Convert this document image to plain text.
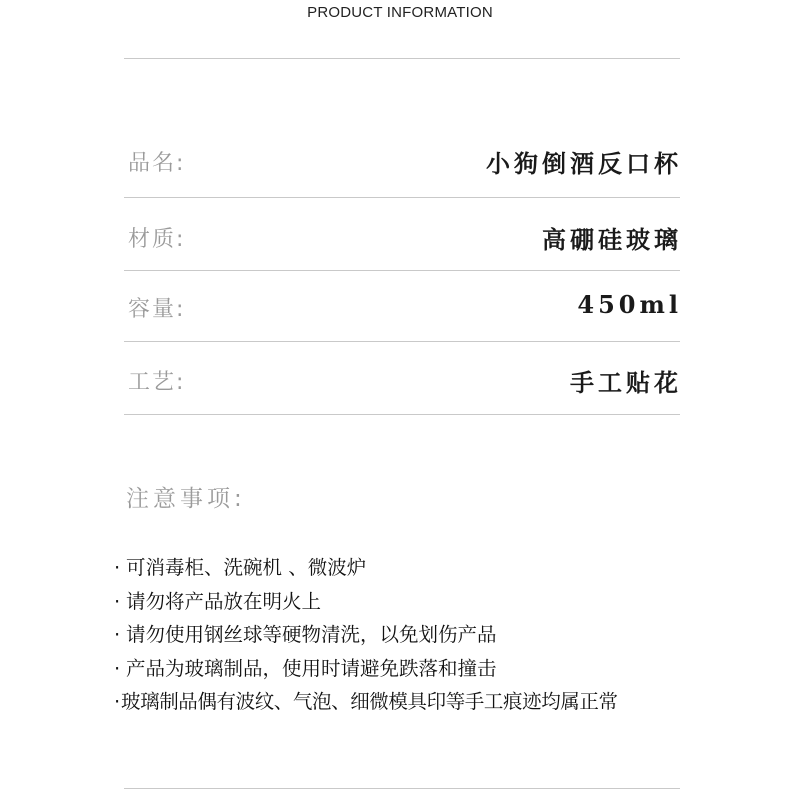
PRODUCT INFORMATION
品名:	小狗倒酒反口杯
材质:	高硼硅玻璃
容量:	450ml
工艺:	手工贴花
注意事项:
· 可消毒柜、洗碗机 、微波炉
· 请勿将产品放在明火上
· 请勿使用钢丝球等硬物清洗，以免划伤产品
· 产品为玻璃制品，使用时请避免跌落和撞击
·玻璃制品偶有波纹、气泡、细微模具印等手工痕迹均属正常
